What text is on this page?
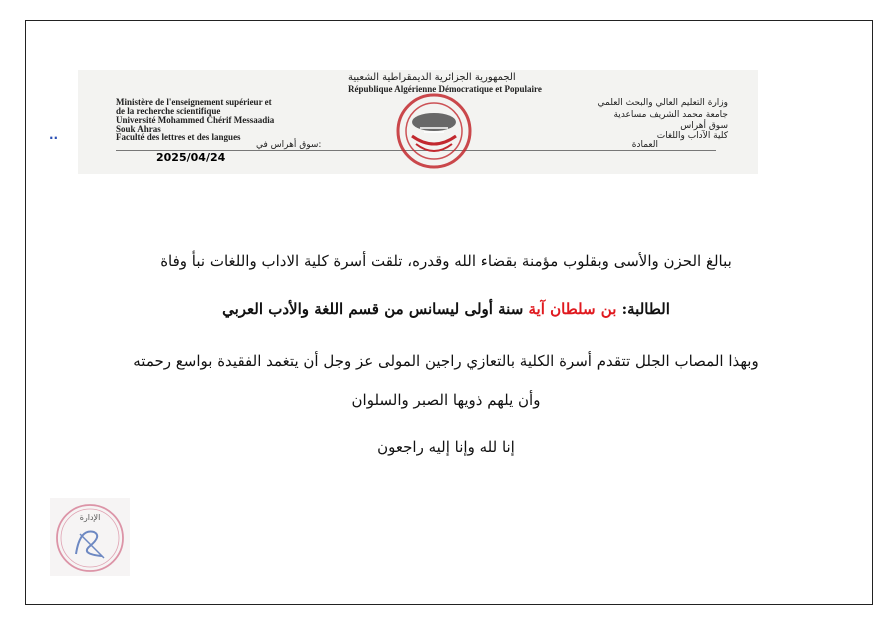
..
الجمهورية الجزائرية الديمقراطية الشعبية
République Algérienne Démocratique et Populaire
Ministère de l'enseignement supérieur et
de la recherche scientifique
Université Mohammed Chérif Messaadia
Souk Ahras
Faculté des lettres et des langues
وزارة التعليم العالي والبحث العلمي
جامعة محمد الشريف مساعدية
سوق أهراس
كلية الآداب واللغات
العمادة
سوق أهراس في:
2025/04/24
ببالغ الحزن والأسى وبقلوب مؤمنة بقضاء الله وقدره، تلقت أسرة كلية الاداب واللغات نبأ وفاة
الطالبة: بن سلطان آية سنة أولى ليسانس من قسم اللغة والأدب العربي
وبهذا المصاب الجلل تتقدم أسرة الكلية بالتعازي راجين المولى عز وجل أن يتغمد الفقيدة بواسع رحمته
وأن يلهم ذويها الصبر والسلوان
إنا لله وإنا إليه راجعون
الإدارة
